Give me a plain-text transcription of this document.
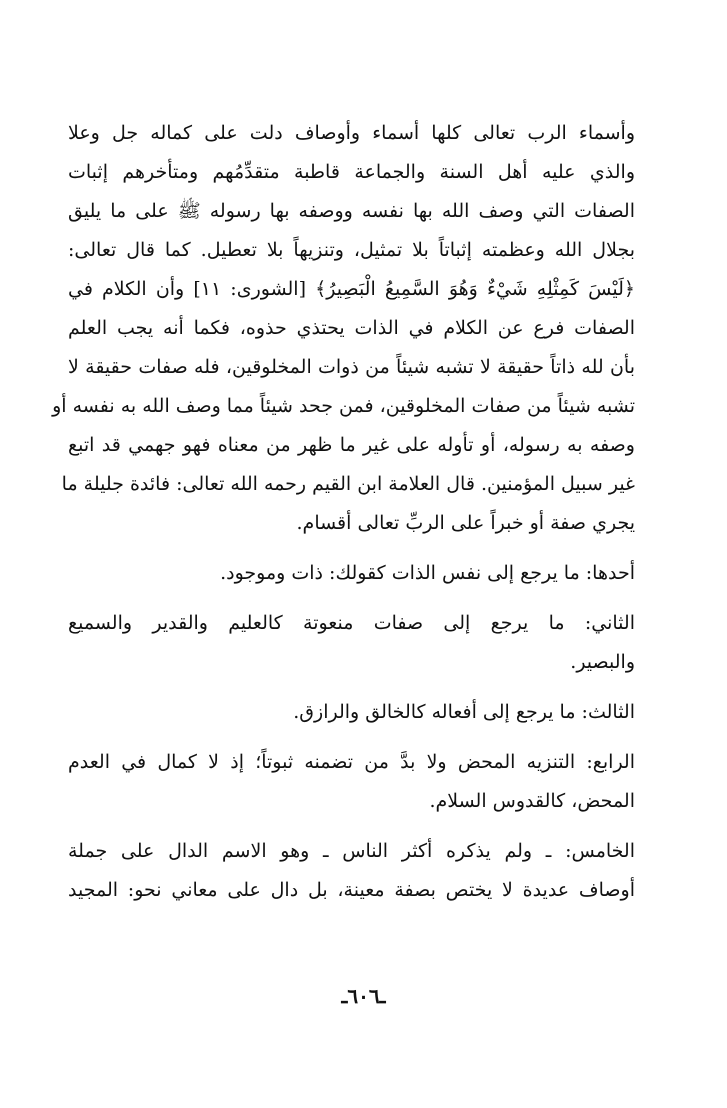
وأسماء الرب تعالى كلها أسماء وأوصاف دلت على كماله جل وعلا
والذي عليه أهل السنة والجماعة قاطبة متقدِّمُهم ومتأخرهم إثبات
الصفات التي وصف الله بها نفسه ووصفه بها رسوله ﷺ على ما يليق
بجلال الله وعظمته إثباتاً بلا تمثيل، وتنزيهاً بلا تعطيل. كما قال تعالى:
﴿لَيْسَ كَمِثْلِهِ شَيْءٌ وَهُوَ السَّمِيعُ الْبَصِيرُ﴾ [الشورى: ١١] وأن الكلام في
الصفات فرع عن الكلام في الذات يحتذي حذوه، فكما أنه يجب العلم
بأن لله ذاتاً حقيقة لا تشبه شيئاً من ذوات المخلوقين، فله صفات حقيقة لا
تشبه شيئاً من صفات المخلوقين، فمن جحد شيئاً مما وصف الله به نفسه أو
وصفه به رسوله، أو تأوله على غير ما ظهر من معناه فهو جهمي قد اتبع
غير سبيل المؤمنين. قال العلامة ابن القيم رحمه الله تعالى: فائدة جليلة ما
يجري صفة أو خبراً على الربِّ تعالى أقسام.
أحدها: ما يرجع إلى نفس الذات كقولك: ذات وموجود.
الثاني: ما يرجع إلى صفات منعوتة كالعليم والقدير والسميع
والبصير.
الثالث: ما يرجع إلى أفعاله كالخالق والرازق.
الرابع: التنزيه المحض ولا بدَّ من تضمنه ثبوتاً؛ إذ لا كمال في العدم
المحض، كالقدوس السلام.
الخامس: ـ ولم يذكره أكثر الناس ـ وهو الاسم الدال على جملة
أوصاف عديدة لا يختص بصفة معينة، بل دال على معاني نحو: المجيد
ـ٦٠٦ـ
